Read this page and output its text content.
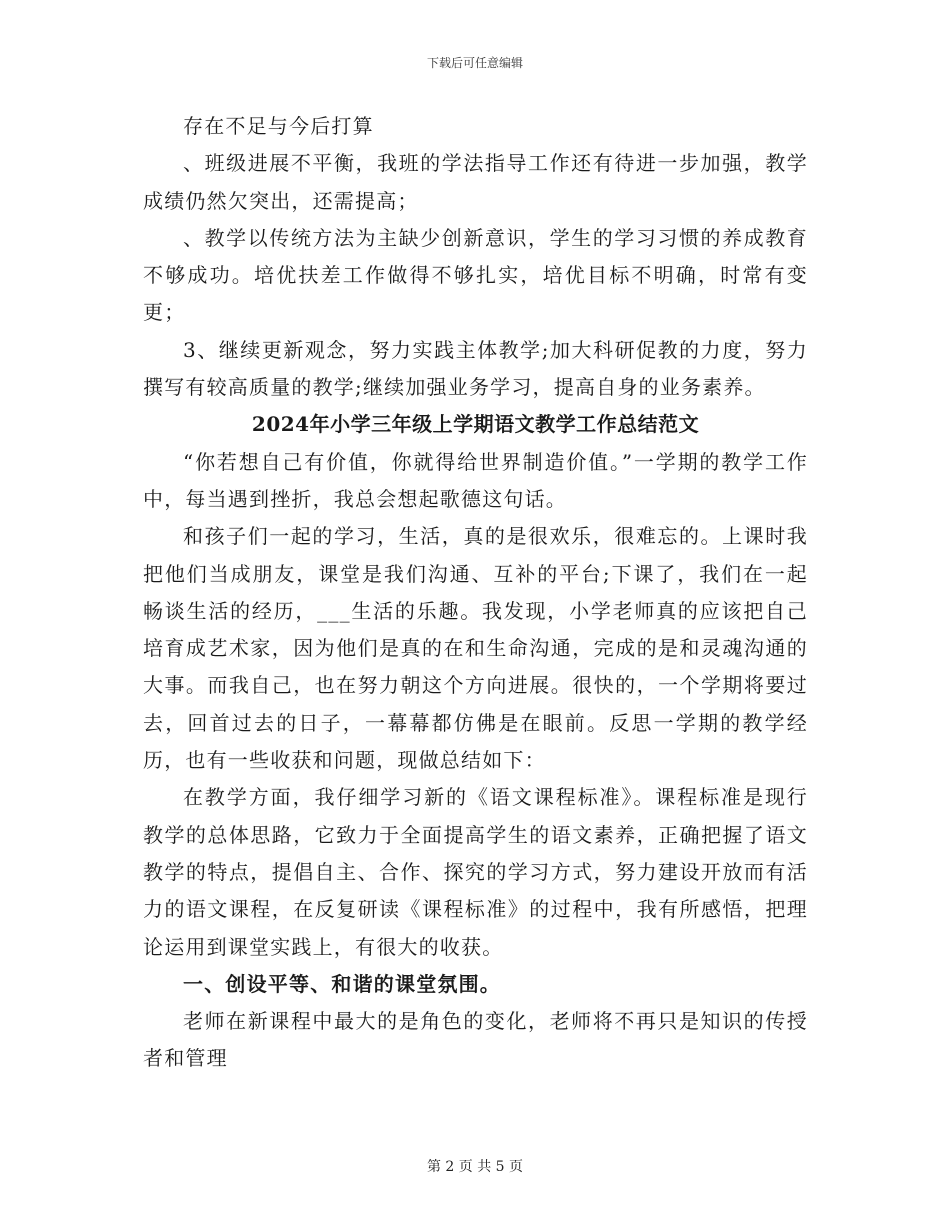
下载后可任意编辑

存在不足与今后打算

、班级进展不平衡，我班的学法指导工作还有待进一步加强，教学成绩仍然欠突出，还需提高；

、教学以传统方法为主缺少创新意识，学生的学习习惯的养成教育不够成功。培优扶差工作做得不够扎实，培优目标不明确，时常有变更；

3、继续更新观念，努力实践主体教学;加大科研促教的力度，努力撰写有较高质量的教学;继续加强业务学习，提高自身的业务素养。

2024年小学三年级上学期语文教学工作总结范文

“你若想自己有价值，你就得给世界制造价值。”一学期的教学工作中，每当遇到挫折，我总会想起歌德这句话。

和孩子们一起的学习，生活，真的是很欢乐，很难忘的。上课时我把他们当成朋友，课堂是我们沟通、互补的平台;下课了，我们在一起畅谈生活的经历，___生活的乐趣。我发现，小学老师真的应该把自己培育成艺术家，因为他们是真的在和生命沟通，完成的是和灵魂沟通的大事。而我自己，也在努力朝这个方向进展。很快的，一个学期将要过去，回首过去的日子，一幕幕都仿佛是在眼前。反思一学期的教学经历，也有一些收获和问题，现做总结如下：

在教学方面，我仔细学习新的《语文课程标准》。课程标准是现行教学的总体思路，它致力于全面提高学生的语文素养，正确把握了语文教学的特点，提倡自主、合作、探究的学习方式，努力建设开放而有活力的语文课程，在反复研读《课程标准》的过程中，我有所感悟，把理论运用到课堂实践上，有很大的收获。

一、创设平等、和谐的课堂氛围。

老师在新课程中最大的是角色的变化，老师将不再只是知识的传授者和管理

第 2 页 共 5 页
